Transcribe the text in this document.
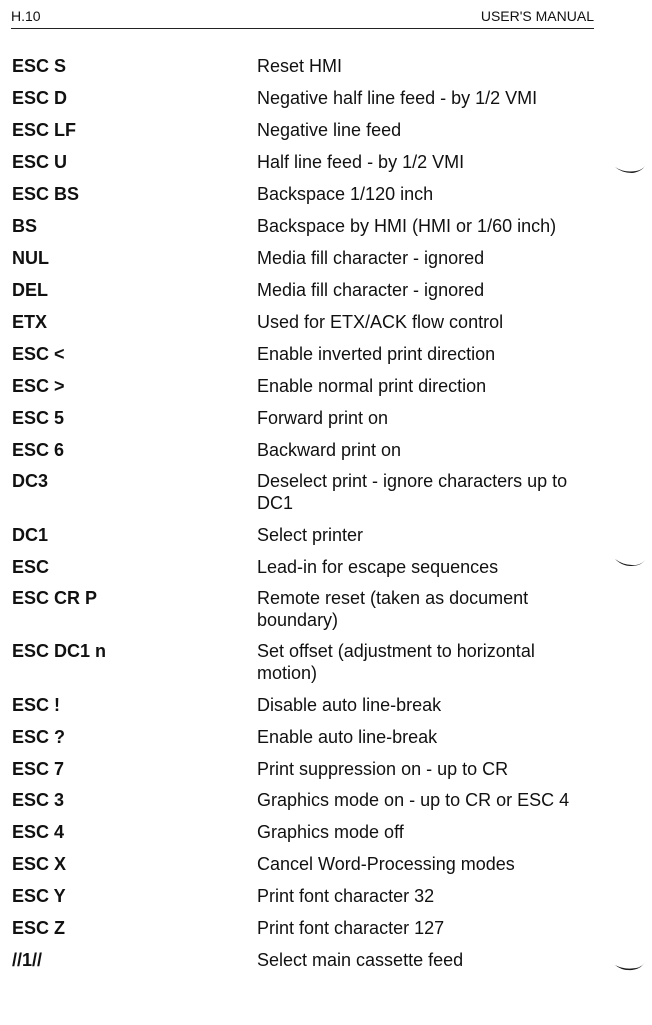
H.10	USER'S MANUAL
ESC S	Reset HMI
ESC D	Negative half line feed - by 1/2 VMI
ESC LF	Negative line feed
ESC U	Half line feed - by 1/2 VMI
ESC BS	Backspace 1/120 inch
BS	Backspace by HMI (HMI or 1/60 inch)
NUL	Media fill character - ignored
DEL	Media fill character - ignored
ETX	Used for ETX/ACK flow control
ESC <	Enable inverted print direction
ESC >	Enable normal print direction
ESC 5	Forward print on
ESC 6	Backward print on
DC3	Deselect print - ignore characters up to DC1
DC1	Select printer
ESC	Lead-in for escape sequences
ESC CR P	Remote reset (taken as document boundary)
ESC DC1 n	Set offset (adjustment to horizontal motion)
ESC !	Disable auto line-break
ESC ?	Enable auto line-break
ESC 7	Print suppression on - up to CR
ESC 3	Graphics mode on - up to CR or ESC 4
ESC 4	Graphics mode off
ESC X	Cancel Word-Processing modes
ESC Y	Print font character 32
ESC Z	Print font character 127
//1//	Select main cassette feed
